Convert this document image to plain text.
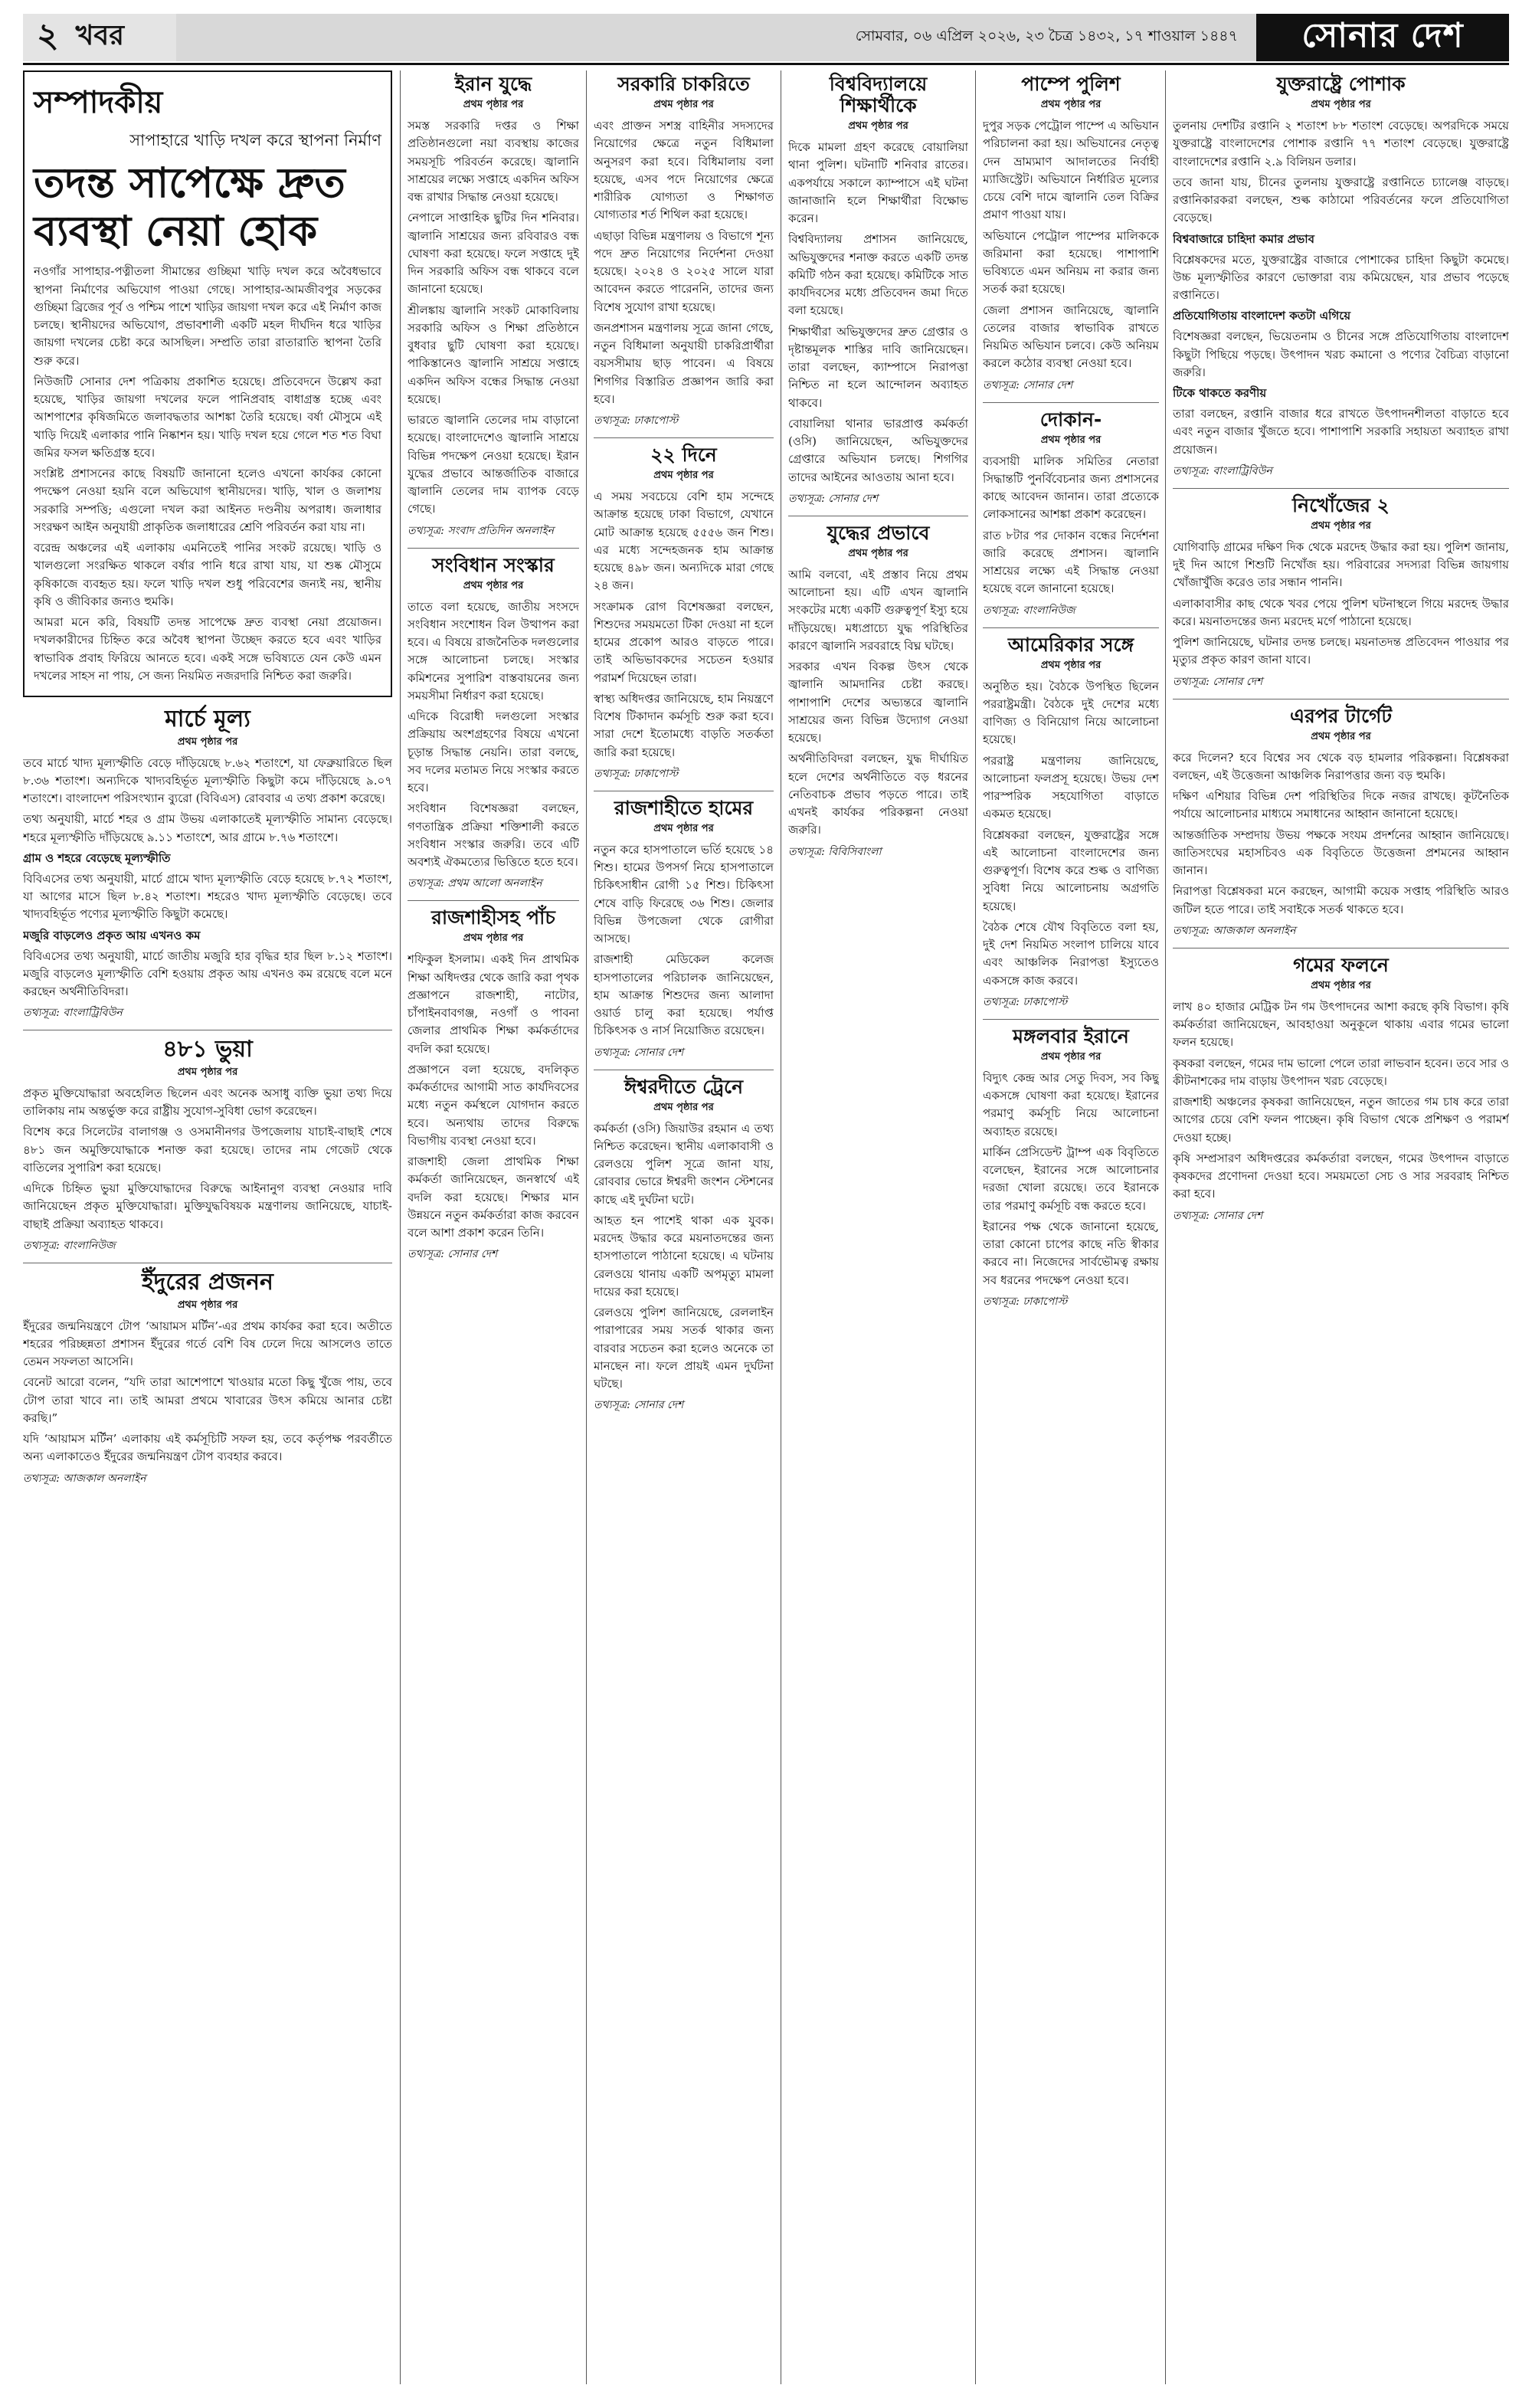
২ খবর	সোমবার, ০৬ এপ্রিল ২০২৬, ২৩ চৈত্র ১৪৩২, ১৭ শাওয়াল ১৪৪৭	সোনার দেশ
সম্পাদকীয়
সাপাহারে খাড়ি দখল করে স্থাপনা নির্মাণ
তদন্ত সাপেক্ষে দ্রুত ব্যবস্থা নেয়া হোক

নওগাঁর সাপাহার-পত্নীতলা সীমান্তের গুচ্ছিমা খাড়ি দখল করে অবৈধভাবে স্থাপনা নির্মাণের অভিযোগ পাওয়া গেছে। সাপাহার-আমজীবপুর সড়কের গুচ্ছিমা ব্রিজের পূর্ব ও পশ্চিম পাশে খাড়ির জায়গা দখল করে এই নির্মাণ কাজ চলছে। স্থানীয়দের অভিযোগ, প্রভাবশালী একটি মহল দীর্ঘদিন ধরে খাড়ির জায়গা দখলের চেষ্টা করে আসছিল। সম্প্রতি তারা রাতারাতি স্থাপনা তৈরি শুরু করে।

নিউজটি সোনার দেশ পত্রিকায় প্রকাশিত হয়েছে। প্রতিবেদনে উল্লেখ করা হয়েছে, খাড়ির জায়গা দখলের ফলে পানিপ্রবাহ বাধাগ্রস্ত হচ্ছে এবং আশপাশের কৃষিজমিতে জলাবদ্ধতার আশঙ্কা তৈরি হয়েছে। বর্ষা মৌসুমে এই খাড়ি দিয়েই এলাকার পানি নিষ্কাশন হয়। খাড়ি দখল হয়ে গেলে শত শত বিঘা জমির ফসল ক্ষতিগ্রস্ত হবে।

সংশ্লিষ্ট প্রশাসনের কাছে বিষয়টি জানানো হলেও এখনো কার্যকর কোনো পদক্ষেপ নেওয়া হয়নি বলে অভিযোগ স্থানীয়দের। খাড়ি, খাল ও জলাশয় সরকারি সম্পত্তি; এগুলো দখল করা আইনত দণ্ডনীয় অপরাধ। জলাধার সংরক্ষণ আইন অনুযায়ী প্রাকৃতিক জলাধারের শ্রেণি পরিবর্তন করা যায় না।

বরেন্দ্র অঞ্চলের এই এলাকায় এমনিতেই পানির সংকট রয়েছে। খাড়ি ও খালগুলো সংরক্ষিত থাকলে বর্ষার পানি ধরে রাখা যায়, যা শুষ্ক মৌসুমে কৃষিকাজে ব্যবহৃত হয়। ফলে খাড়ি দখল শুধু পরিবেশের জন্যই নয়, স্থানীয় কৃষি ও জীবিকার জন্যও হুমকি।

আমরা মনে করি, বিষয়টি তদন্ত সাপেক্ষে দ্রুত ব্যবস্থা নেয়া প্রয়োজন। দখলকারীদের চিহ্নিত করে অবৈধ স্থাপনা উচ্ছেদ করতে হবে এবং খাড়ির স্বাভাবিক প্রবাহ ফিরিয়ে আনতে হবে। একই সঙ্গে ভবিষ্যতে যেন কেউ এমন দখলের সাহস না পায়, সে জন্য নিয়মিত নজরদারি নিশ্চিত করা জরুরি।

মার্চে মূল্য
প্রথম পৃষ্ঠার পর

তবে মার্চে খাদ্য মূল্যস্ফীতি বেড়ে দাঁড়িয়েছে ৮.৬২ শতাংশে, যা ফেব্রুয়ারিতে ছিল ৮.৩৬ শতাংশ। অন্যদিকে খাদ্যবহির্ভূত মূল্যস্ফীতি কিছুটা কমে দাঁড়িয়েছে ৯.০৭ শতাংশে। বাংলাদেশ পরিসংখ্যান ব্যুরো (বিবিএস) রোববার এ তথ্য প্রকাশ করেছে।

তথ্য অনুযায়ী, মার্চে শহর ও গ্রাম উভয় এলাকাতেই মূল্যস্ফীতি সামান্য বেড়েছে। শহরে মূল্যস্ফীতি দাঁড়িয়েছে ৯.১১ শতাংশে, আর গ্রামে ৮.৭৬ শতাংশে।

গ্রাম ও শহরে বেড়েছে মূল্যস্ফীতি

বিবিএসের তথ্য অনুযায়ী, মার্চে গ্রামে খাদ্য মূল্যস্ফীতি বেড়ে হয়েছে ৮.৭২ শতাংশ, যা আগের মাসে ছিল ৮.৪২ শতাংশ। শহরেও খাদ্য মূল্যস্ফীতি বেড়েছে। তবে খাদ্যবহির্ভূত পণ্যের মূল্যস্ফীতি কিছুটা কমেছে।

মজুরি বাড়লেও প্রকৃত আয় এখনও কম

বিবিএসের তথ্য অনুযায়ী, মার্চে জাতীয় মজুরি হার বৃদ্ধির হার ছিল ৮.১২ শতাংশ। মজুরি বাড়লেও মূল্যস্ফীতি বেশি হওয়ায় প্রকৃত আয় এখনও কম রয়েছে বলে মনে করছেন অর্থনীতিবিদরা।

তথ্যসূত্র: বাংলাট্রিবিউন
৪৮১ ভুয়া
প্রথম পৃষ্ঠার পর

প্রকৃত মুক্তিযোদ্ধারা অবহেলিত ছিলেন এবং অনেক অসাধু ব্যক্তি ভুয়া তথ্য দিয়ে তালিকায় নাম অন্তর্ভুক্ত করে রাষ্ট্রীয় সুযোগ-সুবিধা ভোগ করেছেন।

বিশেষ করে সিলেটের বালাগঞ্জ ও ওসমানীনগর উপজেলায় যাচাই-বাছাই শেষে ৪৮১ জন অমুক্তিযোদ্ধাকে শনাক্ত করা হয়েছে। তাদের নাম গেজেট থেকে বাতিলের সুপারিশ করা হয়েছে।

এদিকে চিহ্নিত ভুয়া মুক্তিযোদ্ধাদের বিরুদ্ধে আইনানুগ ব্যবস্থা নেওয়ার দাবি জানিয়েছেন প্রকৃত মুক্তিযোদ্ধারা। মুক্তিযুদ্ধবিষয়ক মন্ত্রণালয় জানিয়েছে, যাচাই-বাছাই প্রক্রিয়া অব্যাহত থাকবে।

তথ্যসূত্র: বাংলানিউজ
ইঁদুরের প্রজনন
প্রথম পৃষ্ঠার পর

ইঁদুরের জন্মনিয়ন্ত্রণে টোপ ‘আয়ামস মর্টিন’-এর প্রথম কার্যকর করা হবে। অতীতে শহরের পরিচ্ছন্নতা প্রশাসন ইঁদুরের গর্তে বেশি বিষ ঢেলে দিয়ে আসলেও তাতে তেমন সফলতা আসেনি।

বেনেট আরো বলেন, “যদি তারা আশেপাশে খাওয়ার মতো কিছু খুঁজে পায়, তবে টোপ তারা খাবে না। তাই আমরা প্রথমে খাবারের উৎস কমিয়ে আনার চেষ্টা করছি।”

যদি ‘আয়ামস মর্টিন’ এলাকায় এই কর্মসূচিটি সফল হয়, তবে কর্তৃপক্ষ পরবর্তীতে অন্য এলাকাতেও ইঁদুরের জন্মনিয়ন্ত্রণ টোপ ব্যবহার করবে।

তথ্যসূত্র: আজকাল অনলাইন
ইরান যুদ্ধে
প্রথম পৃষ্ঠার পর

সমস্ত সরকারি দপ্তর ও শিক্ষা প্রতিষ্ঠানগুলো নয়া ব্যবস্থায় কাজের সময়সূচি পরিবর্তন করেছে। জ্বালানি সাশ্রয়ের লক্ষ্যে সপ্তাহে একদিন অফিস বন্ধ রাখার সিদ্ধান্ত নেওয়া হয়েছে।

নেপালে সাপ্তাহিক ছুটির দিন শনিবার। জ্বালানি সাশ্রয়ের জন্য রবিবারও বন্ধ ঘোষণা করা হয়েছে। ফলে সপ্তাহে দুই দিন সরকারি অফিস বন্ধ থাকবে বলে জানানো হয়েছে।

শ্রীলঙ্কায় জ্বালানি সংকট মোকাবিলায় সরকারি অফিস ও শিক্ষা প্রতিষ্ঠানে বুধবার ছুটি ঘোষণা করা হয়েছে। পাকিস্তানেও জ্বালানি সাশ্রয়ে সপ্তাহে একদিন অফিস বন্ধের সিদ্ধান্ত নেওয়া হয়েছে।

ভারতে জ্বালানি তেলের দাম বাড়ানো হয়েছে। বাংলাদেশেও জ্বালানি সাশ্রয়ে বিভিন্ন পদক্ষেপ নেওয়া হয়েছে। ইরান যুদ্ধের প্রভাবে আন্তর্জাতিক বাজারে জ্বালানি তেলের দাম ব্যাপক বেড়ে গেছে।

তথ্যসূত্র: সংবাদ প্রতিদিন অনলাইন
সংবিধান সংস্কার
প্রথম পৃষ্ঠার পর

তাতে বলা হয়েছে, জাতীয় সংসদে সংবিধান সংশোধন বিল উত্থাপন করা হবে। এ বিষয়ে রাজনৈতিক দলগুলোর সঙ্গে আলোচনা চলছে। সংস্কার কমিশনের সুপারিশ বাস্তবায়নের জন্য সময়সীমা নির্ধারণ করা হয়েছে।

এদিকে বিরোধী দলগুলো সংস্কার প্রক্রিয়ায় অংশগ্রহণের বিষয়ে এখনো চূড়ান্ত সিদ্ধান্ত নেয়নি। তারা বলছে, সব দলের মতামত নিয়ে সংস্কার করতে হবে।

সংবিধান বিশেষজ্ঞরা বলছেন, গণতান্ত্রিক প্রক্রিয়া শক্তিশালী করতে সংবিধান সংস্কার জরুরি। তবে এটি অবশ্যই ঐকমত্যের ভিত্তিতে হতে হবে।

তথ্যসূত্র: প্রথম আলো অনলাইন
রাজশাহীসহ পাঁচ
প্রথম পৃষ্ঠার পর

শফিকুল ইসলাম। একই দিন প্রাথমিক শিক্ষা অধিদপ্তর থেকে জারি করা পৃথক প্রজ্ঞাপনে রাজশাহী, নাটোর, চাঁপাইনবাবগঞ্জ, নওগাঁ ও পাবনা জেলার প্রাথমিক শিক্ষা কর্মকর্তাদের বদলি করা হয়েছে।

প্রজ্ঞাপনে বলা হয়েছে, বদলিকৃত কর্মকর্তাদের আগামী সাত কার্যদিবসের মধ্যে নতুন কর্মস্থলে যোগদান করতে হবে। অন্যথায় তাদের বিরুদ্ধে বিভাগীয় ব্যবস্থা নেওয়া হবে।

রাজশাহী জেলা প্রাথমিক শিক্ষা কর্মকর্তা জানিয়েছেন, জনস্বার্থে এই বদলি করা হয়েছে। শিক্ষার মান উন্নয়নে নতুন কর্মকর্তারা কাজ করবেন বলে আশা প্রকাশ করেন তিনি।

তথ্যসূত্র: সোনার দেশ
সরকারি চাকরিতে
প্রথম পৃষ্ঠার পর

এবং প্রাক্তন সশস্ত্র বাহিনীর সদস্যদের নিয়োগের ক্ষেত্রে নতুন বিধিমালা অনুসরণ করা হবে। বিধিমালায় বলা হয়েছে, এসব পদে নিয়োগের ক্ষেত্রে শারীরিক যোগ্যতা ও শিক্ষাগত যোগ্যতার শর্ত শিথিল করা হয়েছে।

এছাড়া বিভিন্ন মন্ত্রণালয় ও বিভাগে শূন্য পদে দ্রুত নিয়োগের নির্দেশনা দেওয়া হয়েছে। ২০২৪ ও ২০২৫ সালে যারা আবেদন করতে পারেননি, তাদের জন্য বিশেষ সুযোগ রাখা হয়েছে।

জনপ্রশাসন মন্ত্রণালয় সূত্রে জানা গেছে, নতুন বিধিমালা অনুযায়ী চাকরিপ্রার্থীরা বয়সসীমায় ছাড় পাবেন। এ বিষয়ে শিগগির বিস্তারিত প্রজ্ঞাপন জারি করা হবে।

তথ্যসূত্র: ঢাকাপোস্ট
২২ দিনে
প্রথম পৃষ্ঠার পর

এ সময় সবচেয়ে বেশি হাম সন্দেহে আক্রান্ত হয়েছে ঢাকা বিভাগে, যেখানে মোট আক্রান্ত হয়েছে ৫৫৫৬ জন শিশু। এর মধ্যে সন্দেহজনক হাম আক্রান্ত হয়েছে ৪৯৮ জন। অন্যদিকে মারা গেছে ২৪ জন।

সংক্রামক রোগ বিশেষজ্ঞরা বলছেন, শিশুদের সময়মতো টিকা দেওয়া না হলে হামের প্রকোপ আরও বাড়তে পারে। তাই অভিভাবকদের সচেতন হওয়ার পরামর্শ দিয়েছেন তারা।

স্বাস্থ্য অধিদপ্তর জানিয়েছে, হাম নিয়ন্ত্রণে বিশেষ টিকাদান কর্মসূচি শুরু করা হবে। সারা দেশে ইতোমধ্যে বাড়তি সতর্কতা জারি করা হয়েছে।

তথ্যসূত্র: ঢাকাপোস্ট
রাজশাহীতে হামের
প্রথম পৃষ্ঠার পর

নতুন করে হাসপাতালে ভর্তি হয়েছে ১৪ শিশু। হামের উপসর্গ নিয়ে হাসপাতালে চিকিৎসাধীন রোগী ১৫ শিশু। চিকিৎসা শেষে বাড়ি ফিরেছে ৩৬ শিশু। জেলার বিভিন্ন উপজেলা থেকে রোগীরা আসছে।

রাজশাহী মেডিকেল কলেজ হাসপাতালের পরিচালক জানিয়েছেন, হাম আক্রান্ত শিশুদের জন্য আলাদা ওয়ার্ড চালু করা হয়েছে। পর্যাপ্ত চিকিৎসক ও নার্স নিয়োজিত রয়েছেন।

তথ্যসূত্র: সোনার দেশ
ঈশ্বরদীতে ট্রেনে
প্রথম পৃষ্ঠার পর

কর্মকর্তা (ওসি) জিয়াউর রহমান এ তথ্য নিশ্চিত করেছেন। স্থানীয় এলাকাবাসী ও রেলওয়ে পুলিশ সূত্রে জানা যায়, রোববার ভোরে ঈশ্বরদী জংশন স্টেশনের কাছে এই দুর্ঘটনা ঘটে।

আহত হন পাশেই থাকা এক যুবক। মরদেহ উদ্ধার করে ময়নাতদন্তের জন্য হাসপাতালে পাঠানো হয়েছে। এ ঘটনায় রেলওয়ে থানায় একটি অপমৃত্যু মামলা দায়ের করা হয়েছে।

রেলওয়ে পুলিশ জানিয়েছে, রেললাইন পারাপারের সময় সতর্ক থাকার জন্য বারবার সচেতন করা হলেও অনেকে তা মানছেন না। ফলে প্রায়ই এমন দুর্ঘটনা ঘটছে।

তথ্যসূত্র: সোনার দেশ
বিশ্ববিদ্যালয়ে শিক্ষার্থীকে
প্রথম পৃষ্ঠার পর

দিকে মামলা গ্রহণ করেছে বোয়ালিয়া থানা পুলিশ। ঘটনাটি শনিবার রাতের। একপর্যায়ে সকালে ক্যাম্পাসে এই ঘটনা জানাজানি হলে শিক্ষার্থীরা বিক্ষোভ করেন।

বিশ্ববিদ্যালয় প্রশাসন জানিয়েছে, অভিযুক্তদের শনাক্ত করতে একটি তদন্ত কমিটি গঠন করা হয়েছে। কমিটিকে সাত কার্যদিবসের মধ্যে প্রতিবেদন জমা দিতে বলা হয়েছে।

শিক্ষার্থীরা অভিযুক্তদের দ্রুত গ্রেপ্তার ও দৃষ্টান্তমূলক শাস্তির দাবি জানিয়েছেন। তারা বলছেন, ক্যাম্পাসে নিরাপত্তা নিশ্চিত না হলে আন্দোলন অব্যাহত থাকবে।

বোয়ালিয়া থানার ভারপ্রাপ্ত কর্মকর্তা (ওসি) জানিয়েছেন, অভিযুক্তদের গ্রেপ্তারে অভিযান চলছে। শিগগির তাদের আইনের আওতায় আনা হবে।

তথ্যসূত্র: সোনার দেশ
যুদ্ধের প্রভাবে
প্রথম পৃষ্ঠার পর

আমি বলবো, এই প্রস্তাব নিয়ে প্রথম আলোচনা হয়। এটি এখন জ্বালানি সংকটের মধ্যে একটি গুরুত্বপূর্ণ ইস্যু হয়ে দাঁড়িয়েছে। মধ্যপ্রাচ্যে যুদ্ধ পরিস্থিতির কারণে জ্বালানি সরবরাহে বিঘ্ন ঘটছে।

সরকার এখন বিকল্প উৎস থেকে জ্বালানি আমদানির চেষ্টা করছে। পাশাপাশি দেশের অভ্যন্তরে জ্বালানি সাশ্রয়ের জন্য বিভিন্ন উদ্যোগ নেওয়া হয়েছে।

অর্থনীতিবিদরা বলছেন, যুদ্ধ দীর্ঘায়িত হলে দেশের অর্থনীতিতে বড় ধরনের নেতিবাচক প্রভাব পড়তে পারে। তাই এখনই কার্যকর পরিকল্পনা নেওয়া জরুরি।

তথ্যসূত্র: বিবিসিবাংলা
পাম্পে পুলিশ
প্রথম পৃষ্ঠার পর

দুপুর সড়ক পেট্রোল পাম্পে এ অভিযান পরিচালনা করা হয়। অভিযানের নেতৃত্ব দেন ভ্রাম্যমাণ আদালতের নির্বাহী ম্যাজিস্ট্রেট। অভিযানে নির্ধারিত মূল্যের চেয়ে বেশি দামে জ্বালানি তেল বিক্রির প্রমাণ পাওয়া যায়।

অভিযানে পেট্রোল পাম্পের মালিককে জরিমানা করা হয়েছে। পাশাপাশি ভবিষ্যতে এমন অনিয়ম না করার জন্য সতর্ক করা হয়েছে।

জেলা প্রশাসন জানিয়েছে, জ্বালানি তেলের বাজার স্বাভাবিক রাখতে নিয়মিত অভিযান চলবে। কেউ অনিয়ম করলে কঠোর ব্যবস্থা নেওয়া হবে।

তথ্যসূত্র: সোনার দেশ
দোকান-
প্রথম পৃষ্ঠার পর

ব্যবসায়ী মালিক সমিতির নেতারা সিদ্ধান্তটি পুনর্বিবেচনার জন্য প্রশাসনের কাছে আবেদন জানান। তারা প্রত্যেকে লোকসানের আশঙ্কা প্রকাশ করেছেন।

রাত ৮টার পর দোকান বন্ধের নির্দেশনা জারি করেছে প্রশাসন। জ্বালানি সাশ্রয়ের লক্ষ্যে এই সিদ্ধান্ত নেওয়া হয়েছে বলে জানানো হয়েছে।

তথ্যসূত্র: বাংলানিউজ
আমেরিকার সঙ্গে
প্রথম পৃষ্ঠার পর

অনুষ্ঠিত হয়। বৈঠকে উপস্থিত ছিলেন পররাষ্ট্রমন্ত্রী। বৈঠকে দুই দেশের মধ্যে বাণিজ্য ও বিনিয়োগ নিয়ে আলোচনা হয়েছে।

পররাষ্ট্র মন্ত্রণালয় জানিয়েছে, আলোচনা ফলপ্রসূ হয়েছে। উভয় দেশ পারস্পরিক সহযোগিতা বাড়াতে একমত হয়েছে।

বিশ্লেষকরা বলছেন, যুক্তরাষ্ট্রের সঙ্গে এই আলোচনা বাংলাদেশের জন্য গুরুত্বপূর্ণ। বিশেষ করে শুল্ক ও বাণিজ্য সুবিধা নিয়ে আলোচনায় অগ্রগতি হয়েছে।

বৈঠক শেষে যৌথ বিবৃতিতে বলা হয়, দুই দেশ নিয়মিত সংলাপ চালিয়ে যাবে এবং আঞ্চলিক নিরাপত্তা ইস্যুতেও একসঙ্গে কাজ করবে।

তথ্যসূত্র: ঢাকাপোস্ট
মঙ্গলবার ইরানে
প্রথম পৃষ্ঠার পর

বিদ্যুৎ কেন্দ্র আর সেতু দিবস, সব কিছু একসঙ্গে ঘোষণা করা হয়েছে। ইরানের পরমাণু কর্মসূচি নিয়ে আলোচনা অব্যাহত রয়েছে।

মার্কিন প্রেসিডেন্ট ট্রাম্প এক বিবৃতিতে বলেছেন, ইরানের সঙ্গে আলোচনার দরজা খোলা রয়েছে। তবে ইরানকে তার পরমাণু কর্মসূচি বন্ধ করতে হবে।

ইরানের পক্ষ থেকে জানানো হয়েছে, তারা কোনো চাপের কাছে নতি স্বীকার করবে না। নিজেদের সার্বভৌমত্ব রক্ষায় সব ধরনের পদক্ষেপ নেওয়া হবে।

তথ্যসূত্র: ঢাকাপোস্ট
যুক্তরাষ্ট্রে পোশাক
প্রথম পৃষ্ঠার পর

তুলনায় দেশটির রপ্তানি ২ শতাংশ ৮৮ শতাংশ বেড়েছে। অপরদিকে সময়ে যুক্তরাষ্ট্রে বাংলাদেশের পোশাক রপ্তানি ৭৭ শতাংশ বেড়েছে। যুক্তরাষ্ট্রে বাংলাদেশের রপ্তানি ২.৯ বিলিয়ন ডলার।

তবে জানা যায়, চীনের তুলনায় যুক্তরাষ্ট্রে রপ্তানিতে চ্যালেঞ্জ বাড়ছে। রপ্তানিকারকরা বলছেন, শুল্ক কাঠামো পরিবর্তনের ফলে প্রতিযোগিতা বেড়েছে।

বিশ্ববাজারে চাহিদা কমার প্রভাব

বিশ্লেষকদের মতে, যুক্তরাষ্ট্রের বাজারে পোশাকের চাহিদা কিছুটা কমেছে। উচ্চ মূল্যস্ফীতির কারণে ভোক্তারা ব্যয় কমিয়েছেন, যার প্রভাব পড়েছে রপ্তানিতে।

প্রতিযোগিতায় বাংলাদেশ কতটা এগিয়ে

বিশেষজ্ঞরা বলছেন, ভিয়েতনাম ও চীনের সঙ্গে প্রতিযোগিতায় বাংলাদেশ কিছুটা পিছিয়ে পড়ছে। উৎপাদন খরচ কমানো ও পণ্যের বৈচিত্র্য বাড়ানো জরুরি।

টিকে থাকতে করণীয়

তারা বলছেন, রপ্তানি বাজার ধরে রাখতে উৎপাদনশীলতা বাড়াতে হবে এবং নতুন বাজার খুঁজতে হবে। পাশাপাশি সরকারি সহায়তা অব্যাহত রাখা প্রয়োজন।

তথ্যসূত্র: বাংলাট্রিবিউন
নিখোঁজের ২
প্রথম পৃষ্ঠার পর

যোগিবাড়ি গ্রামের দক্ষিণ দিক থেকে মরদেহ উদ্ধার করা হয়। পুলিশ জানায়, দুই দিন আগে শিশুটি নিখোঁজ হয়। পরিবারের সদস্যরা বিভিন্ন জায়গায় খোঁজাখুঁজি করেও তার সন্ধান পাননি।

এলাকাবাসীর কাছ থেকে খবর পেয়ে পুলিশ ঘটনাস্থলে গিয়ে মরদেহ উদ্ধার করে। ময়নাতদন্তের জন্য মরদেহ মর্গে পাঠানো হয়েছে।

পুলিশ জানিয়েছে, ঘটনার তদন্ত চলছে। ময়নাতদন্ত প্রতিবেদন পাওয়ার পর মৃত্যুর প্রকৃত কারণ জানা যাবে।

তথ্যসূত্র: সোনার দেশ
এরপর টার্গেট
প্রথম পৃষ্ঠার পর

করে দিলেন? হবে বিশ্বের সব থেকে বড় হামলার পরিকল্পনা। বিশ্লেষকরা বলছেন, এই উত্তেজনা আঞ্চলিক নিরাপত্তার জন্য বড় হুমকি।

দক্ষিণ এশিয়ার বিভিন্ন দেশ পরিস্থিতির দিকে নজর রাখছে। কূটনৈতিক পর্যায়ে আলোচনার মাধ্যমে সমাধানের আহ্বান জানানো হয়েছে।

আন্তর্জাতিক সম্প্রদায় উভয় পক্ষকে সংযম প্রদর্শনের আহ্বান জানিয়েছে। জাতিসংঘের মহাসচিবও এক বিবৃতিতে উত্তেজনা প্রশমনের আহ্বান জানান।

নিরাপত্তা বিশ্লেষকরা মনে করছেন, আগামী কয়েক সপ্তাহ পরিস্থিতি আরও জটিল হতে পারে। তাই সবাইকে সতর্ক থাকতে হবে।

তথ্যসূত্র: আজকাল অনলাইন
গমের ফলনে
প্রথম পৃষ্ঠার পর

লাখ ৪০ হাজার মেট্রিক টন গম উৎপাদনের আশা করছে কৃষি বিভাগ। কৃষি কর্মকর্তারা জানিয়েছেন, আবহাওয়া অনুকূলে থাকায় এবার গমের ভালো ফলন হয়েছে।

কৃষকরা বলছেন, গমের দাম ভালো পেলে তারা লাভবান হবেন। তবে সার ও কীটনাশকের দাম বাড়ায় উৎপাদন খরচ বেড়েছে।

রাজশাহী অঞ্চলের কৃষকরা জানিয়েছেন, নতুন জাতের গম চাষ করে তারা আগের চেয়ে বেশি ফলন পাচ্ছেন। কৃষি বিভাগ থেকে প্রশিক্ষণ ও পরামর্শ দেওয়া হচ্ছে।

কৃষি সম্প্রসারণ অধিদপ্তরের কর্মকর্তারা বলছেন, গমের উৎপাদন বাড়াতে কৃষকদের প্রণোদনা দেওয়া হবে। সময়মতো সেচ ও সার সরবরাহ নিশ্চিত করা হবে।

তথ্যসূত্র: সোনার দেশ
